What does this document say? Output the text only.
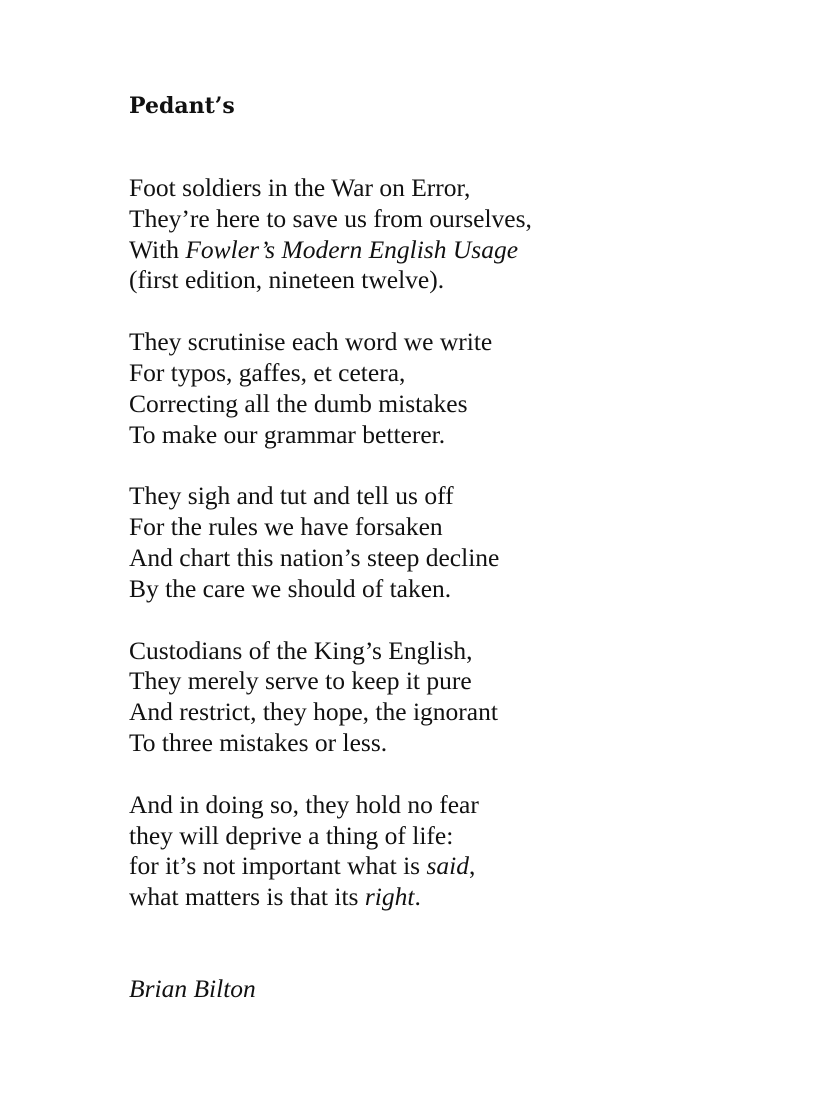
Pedant’s
Foot soldiers in the War on Error,
They’re here to save us from ourselves,
With Fowler’s Modern English Usage
(first edition, nineteen twelve).
They scrutinise each word we write
For typos, gaffes, et cetera,
Correcting all the dumb mistakes
To make our grammar betterer.
They sigh and tut and tell us off
For the rules we have forsaken
And chart this nation’s steep decline
By the care we should of taken.
Custodians of the King’s English,
They merely serve to keep it pure
And restrict, they hope, the ignorant
To three mistakes or less.
And in doing so, they hold no fear
they will deprive a thing of life:
for it’s not important what is said,
what matters is that its right.
Brian Bilton
